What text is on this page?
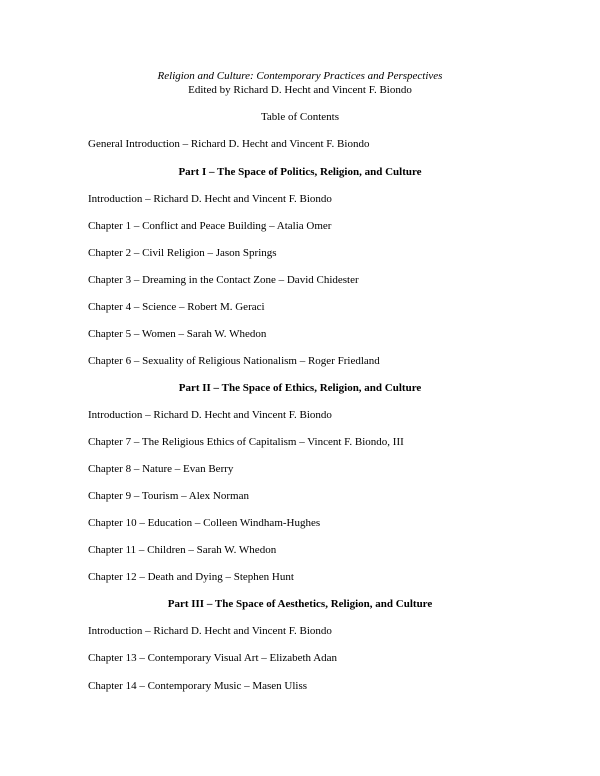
Religion and Culture: Contemporary Practices and Perspectives
Edited by Richard D. Hecht and Vincent F. Biondo
Table of Contents
General Introduction – Richard D. Hecht and Vincent F. Biondo
Part I – The Space of Politics, Religion, and Culture
Introduction – Richard D. Hecht and Vincent F. Biondo
Chapter 1 – Conflict and Peace Building – Atalia Omer
Chapter 2 – Civil Religion – Jason Springs
Chapter 3 – Dreaming in the Contact Zone – David Chidester
Chapter 4 – Science – Robert M. Geraci
Chapter 5 – Women – Sarah W. Whedon
Chapter 6 – Sexuality of Religious Nationalism – Roger Friedland
Part II – The Space of Ethics, Religion, and Culture
Introduction – Richard D. Hecht and Vincent F. Biondo
Chapter 7 – The Religious Ethics of Capitalism – Vincent F. Biondo, III
Chapter 8 – Nature – Evan Berry
Chapter 9 – Tourism – Alex Norman
Chapter 10 – Education – Colleen Windham-Hughes
Chapter 11 – Children – Sarah W. Whedon
Chapter 12 – Death and Dying – Stephen Hunt
Part III – The Space of Aesthetics, Religion, and Culture
Introduction – Richard D. Hecht and Vincent F. Biondo
Chapter 13 – Contemporary Visual Art – Elizabeth Adan
Chapter 14 – Contemporary Music – Masen Uliss
